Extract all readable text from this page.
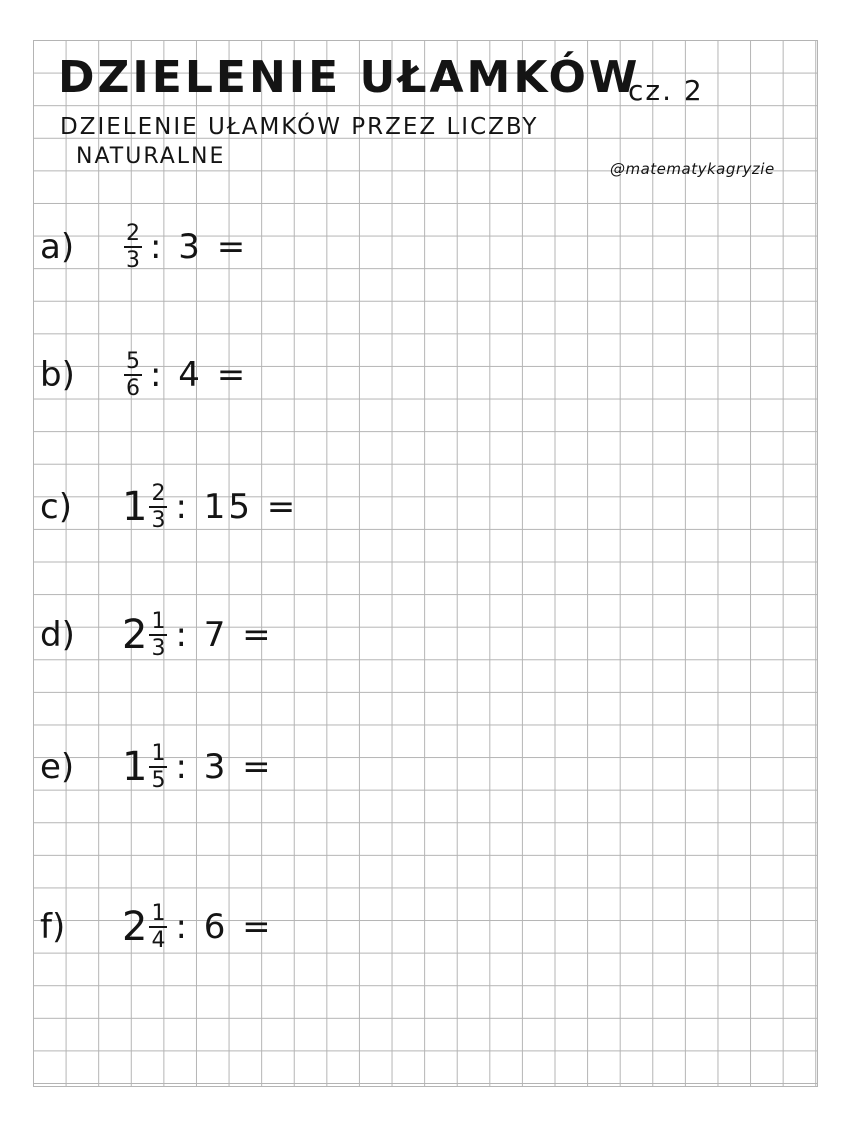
DZIELENIE UŁAMKÓW
cz. 2
DZIELENIE UŁAMKÓW PRZEZ LICZBY
NATURALNE	@matematykagryzie
a)	$\frac{2}{3}$ : 3 =
b)	$\frac{5}{6}$ : 4 =
c)	$1 \frac{2}{3}$ : 15 =
d)	$2 \frac{1}{3}$ : 7 =
e)	$1 \frac{1}{5}$ : 3 =
f)	$2 \frac{1}{4}$ : 6 =
